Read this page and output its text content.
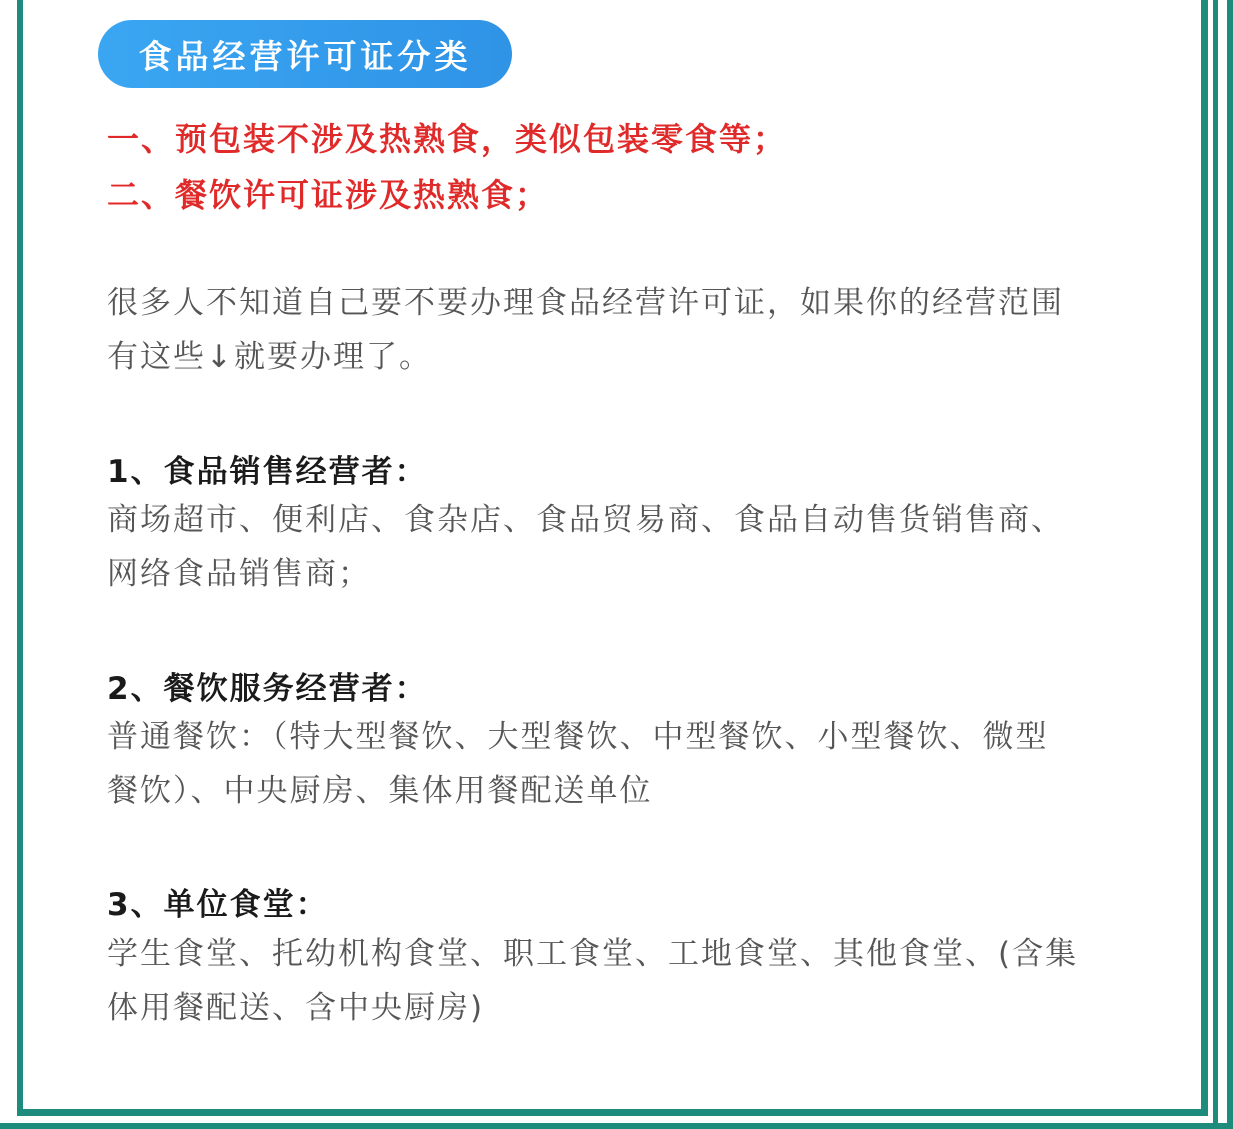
食品经营许可证分类
一、预包装不涉及热熟食，类似包装零食等；
二、餐饮许可证涉及热熟食；
很多人不知道自己要不要办理食品经营许可证，如果你的经营范围
有这些↓就要办理了。
1、食品销售经营者：
商场超市、便利店、食杂店、食品贸易商、食品自动售货销售商、
网络食品销售商；
2、餐饮服务经营者：
普通餐饮：（特大型餐饮、大型餐饮、中型餐饮、小型餐饮、微型
餐饮）、中央厨房、集体用餐配送单位
3、单位食堂：
学生食堂、托幼机构食堂、职工食堂、工地食堂、其他食堂、(含集
体用餐配送、含中央厨房)
